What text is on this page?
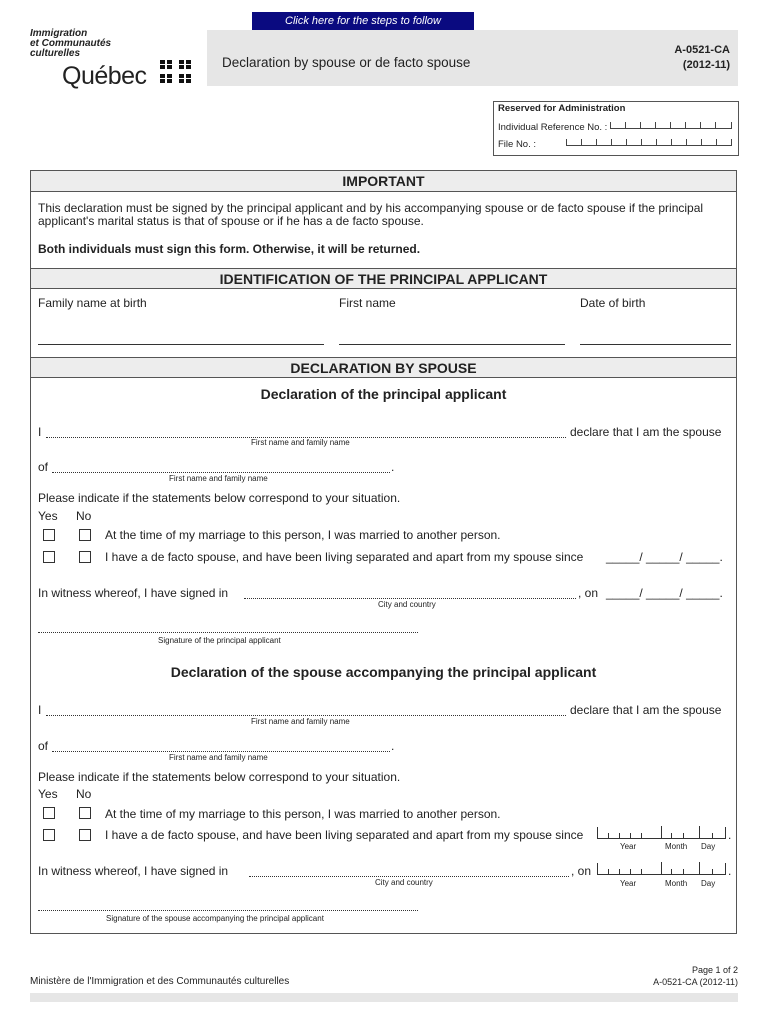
Click here for the steps to follow
Immigration
et Communautés
culturelles
Québec	Declaration by spouse or de facto spouse
A-0521-CA
(2012-11)
Reserved for Administration
Individual Reference No. :
File No. :
IMPORTANT
This declaration must be signed by the principal applicant and by his accompanying spouse or de facto spouse if the principal
applicant's marital status is that of spouse or if he has a de facto spouse.
Both individuals must sign this form. Otherwise, it will be returned.
IDENTIFICATION OF THE PRINCIPAL APPLICANT
Family name at birth	First name	Date of birth
DECLARATION BY SPOUSE
Declaration of the principal applicant
I	declare that I am the spouse
First name and family name
of	.
First name and family name
Please indicate if the statements below correspond to your situation.
Yes No
At the time of my marriage to this person, I was married to another person.
I have a de facto spouse, and have been living separated and apart from my spouse since _____/ _____/ _____.
In witness whereof, I have signed in
City and country
, on _____/ _____/ _____.
Signature of the principal applicant
Declaration of the spouse accompanying the principal applicant
I	declare that I am the spouse
First name and family name
of	.
First name and family name
Please indicate if the statements below correspond to your situation.
Yes No
At the time of my marriage to this person, I was married to another person.
I have a de facto spouse, and have been living separated and apart from my spouse since	.
Year	Month Day
In witness whereof, I have signed in
City and country
, on	.
Year	Month Day
Signature of the spouse accompanying the principal applicant
Ministère de l'Immigration et des Communautés culturelles
Page 1 of 2
A-0521-CA (2012-11)
